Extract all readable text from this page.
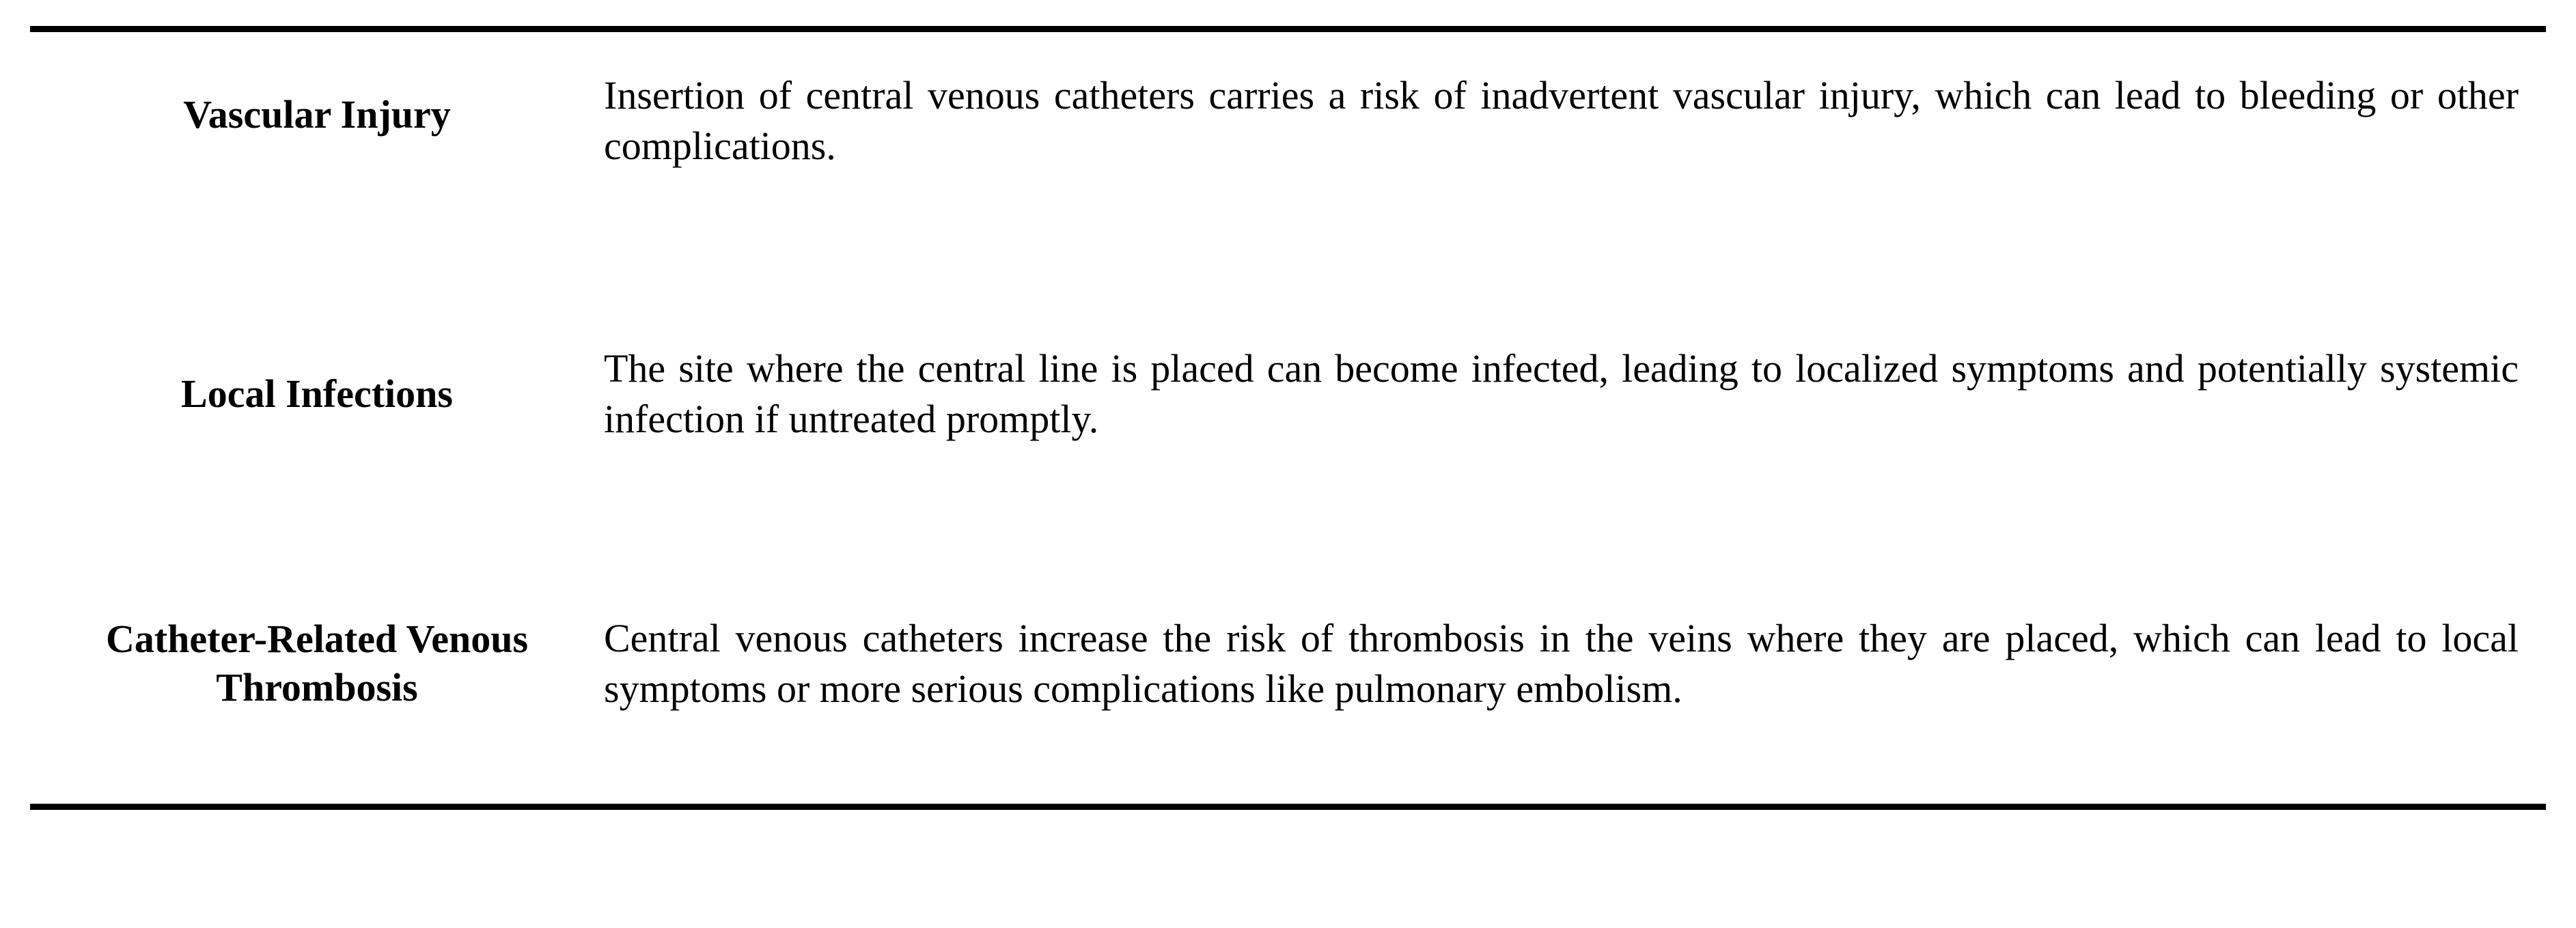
Vascular Injury	Insertion of central venous catheters carries a risk of inadvertent vascular injury, which can lead to bleeding or other complications.
Local Infections	The site where the central line is placed can become infected, leading to localized symptoms and potentially systemic infection if untreated promptly.
Catheter-Related Venous Thrombosis	Central venous catheters increase the risk of thrombosis in the veins where they are placed, which can lead to local symptoms or more serious complications like pulmonary embolism.
